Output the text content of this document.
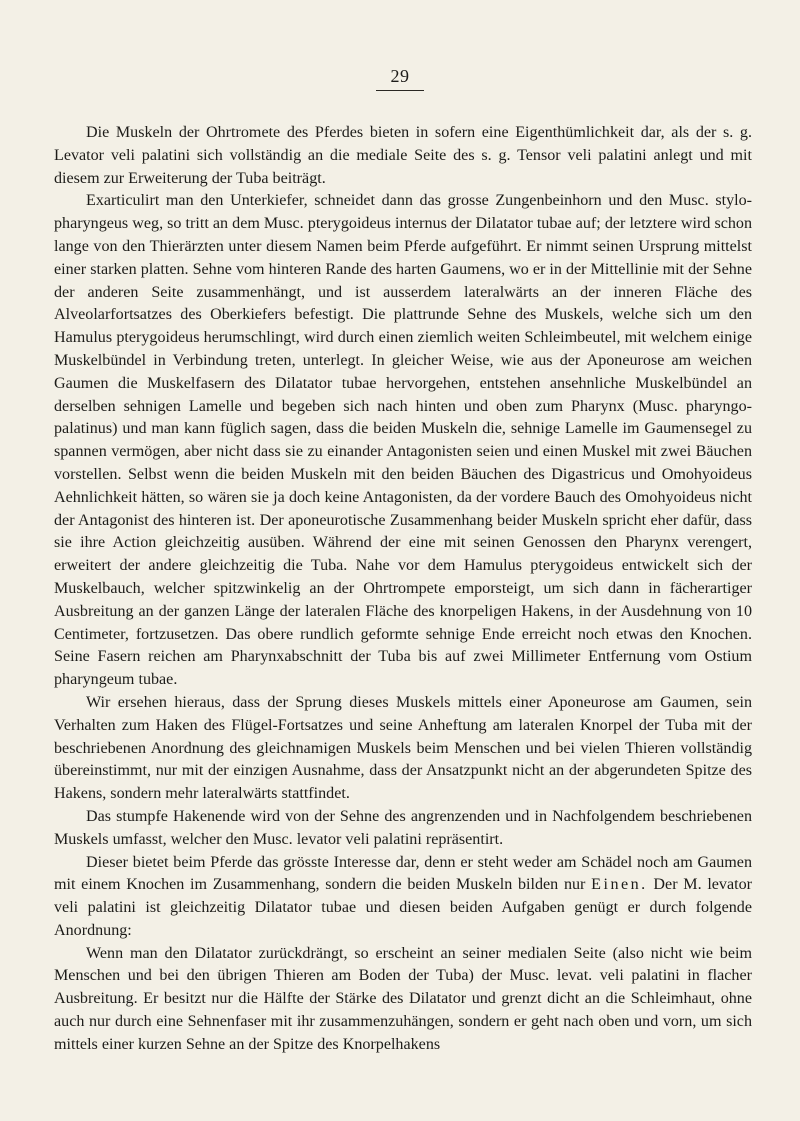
29

Die Muskeln der Ohrtromete des Pferdes bieten in sofern eine Eigenthümlichkeit dar, als der s. g. Levator veli palatini sich vollständig an die mediale Seite des s. g. Tensor veli palatini anlegt und mit diesem zur Erweiterung der Tuba beiträgt.

Exarticulirt man den Unterkiefer, schneidet dann das grosse Zungenbeinhorn und den Musc. stylo-pharyngeus weg, so tritt an dem Musc. pterygoideus internus der Dilatator tubae auf; der letztere wird schon lange von den Thierärzten unter diesem Namen beim Pferde aufgeführt. Er nimmt seinen Ursprung mittelst einer starken platten. Sehne vom hinteren Rande des harten Gaumens, wo er in der Mittellinie mit der Sehne der anderen Seite zusammenhängt, und ist ausserdem lateralwärts an der inneren Fläche des Alveolarfortsatzes des Oberkiefers befestigt. Die plattrunde Sehne des Muskels, welche sich um den Hamulus pterygoideus herumschlingt, wird durch einen ziemlich weiten Schleimbeutel, mit welchem einige Muskelbündel in Verbindung treten, unterlegt. In gleicher Weise, wie aus der Aponeurose am weichen Gaumen die Muskelfasern des Dilatator tubae hervorgehen, entstehen ansehnliche Muskelbündel an derselben sehnigen Lamelle und begeben sich nach hinten und oben zum Pharynx (Musc. pharyngo-palatinus) und man kann füglich sagen, dass die beiden Muskeln die, sehnige Lamelle im Gaumensegel zu spannen vermögen, aber nicht dass sie zu einander Antagonisten seien und einen Muskel mit zwei Bäuchen vorstellen. Selbst wenn die beiden Muskeln mit den beiden Bäuchen des Digastricus und Omohyoideus Aehnlichkeit hätten, so wären sie ja doch keine Antagonisten, da der vordere Bauch des Omohyoideus nicht der Antagonist des hinteren ist. Der aponeurotische Zusammenhang beider Muskeln spricht eher dafür, dass sie ihre Action gleichzeitig ausüben. Während der eine mit seinen Genossen den Pharynx verengert, erweitert der andere gleichzeitig die Tuba. Nahe vor dem Hamulus pterygoideus entwickelt sich der Muskelbauch, welcher spitzwinkelig an der Ohrtrompete emporsteigt, um sich dann in fächerartiger Ausbreitung an der ganzen Länge der lateralen Fläche des knorpeligen Hakens, in der Ausdehnung von 10 Centimeter, fortzusetzen. Das obere rundlich geformte sehnige Ende erreicht noch etwas den Knochen. Seine Fasern reichen am Pharynxabschnitt der Tuba bis auf zwei Millimeter Entfernung vom Ostium pharyngeum tubae.

Wir ersehen hieraus, dass der Sprung dieses Muskels mittels einer Aponeurose am Gaumen, sein Verhalten zum Haken des Flügel-Fortsatzes und seine Anheftung am lateralen Knorpel der Tuba mit der beschriebenen Anordnung des gleichnamigen Muskels beim Menschen und bei vielen Thieren vollständig übereinstimmt, nur mit der einzigen Ausnahme, dass der Ansatzpunkt nicht an der abgerundeten Spitze des Hakens, sondern mehr lateralwärts stattfindet.

Das stumpfe Hakenende wird von der Sehne des angrenzenden und in Nachfolgendem beschriebenen Muskels umfasst, welcher den Musc. levator veli palatini repräsentirt.

Dieser bietet beim Pferde das grösste Interesse dar, denn er steht weder am Schädel noch am Gaumen mit einem Knochen im Zusammenhang, sondern die beiden Muskeln bilden nur Einen. Der M. levator veli palatini ist gleichzeitig Dilatator tubae und diesen beiden Aufgaben genügt er durch folgende Anordnung:

Wenn man den Dilatator zurückdrängt, so erscheint an seiner medialen Seite (also nicht wie beim Menschen und bei den übrigen Thieren am Boden der Tuba) der Musc. levat. veli palatini in flacher Ausbreitung. Er besitzt nur die Hälfte der Stärke des Dilatator und grenzt dicht an die Schleimhaut, ohne auch nur durch eine Sehnenfaser mit ihr zusammenzuhängen, sondern er geht nach oben und vorn, um sich mittels einer kurzen Sehne an der Spitze des Knorpelhakens
